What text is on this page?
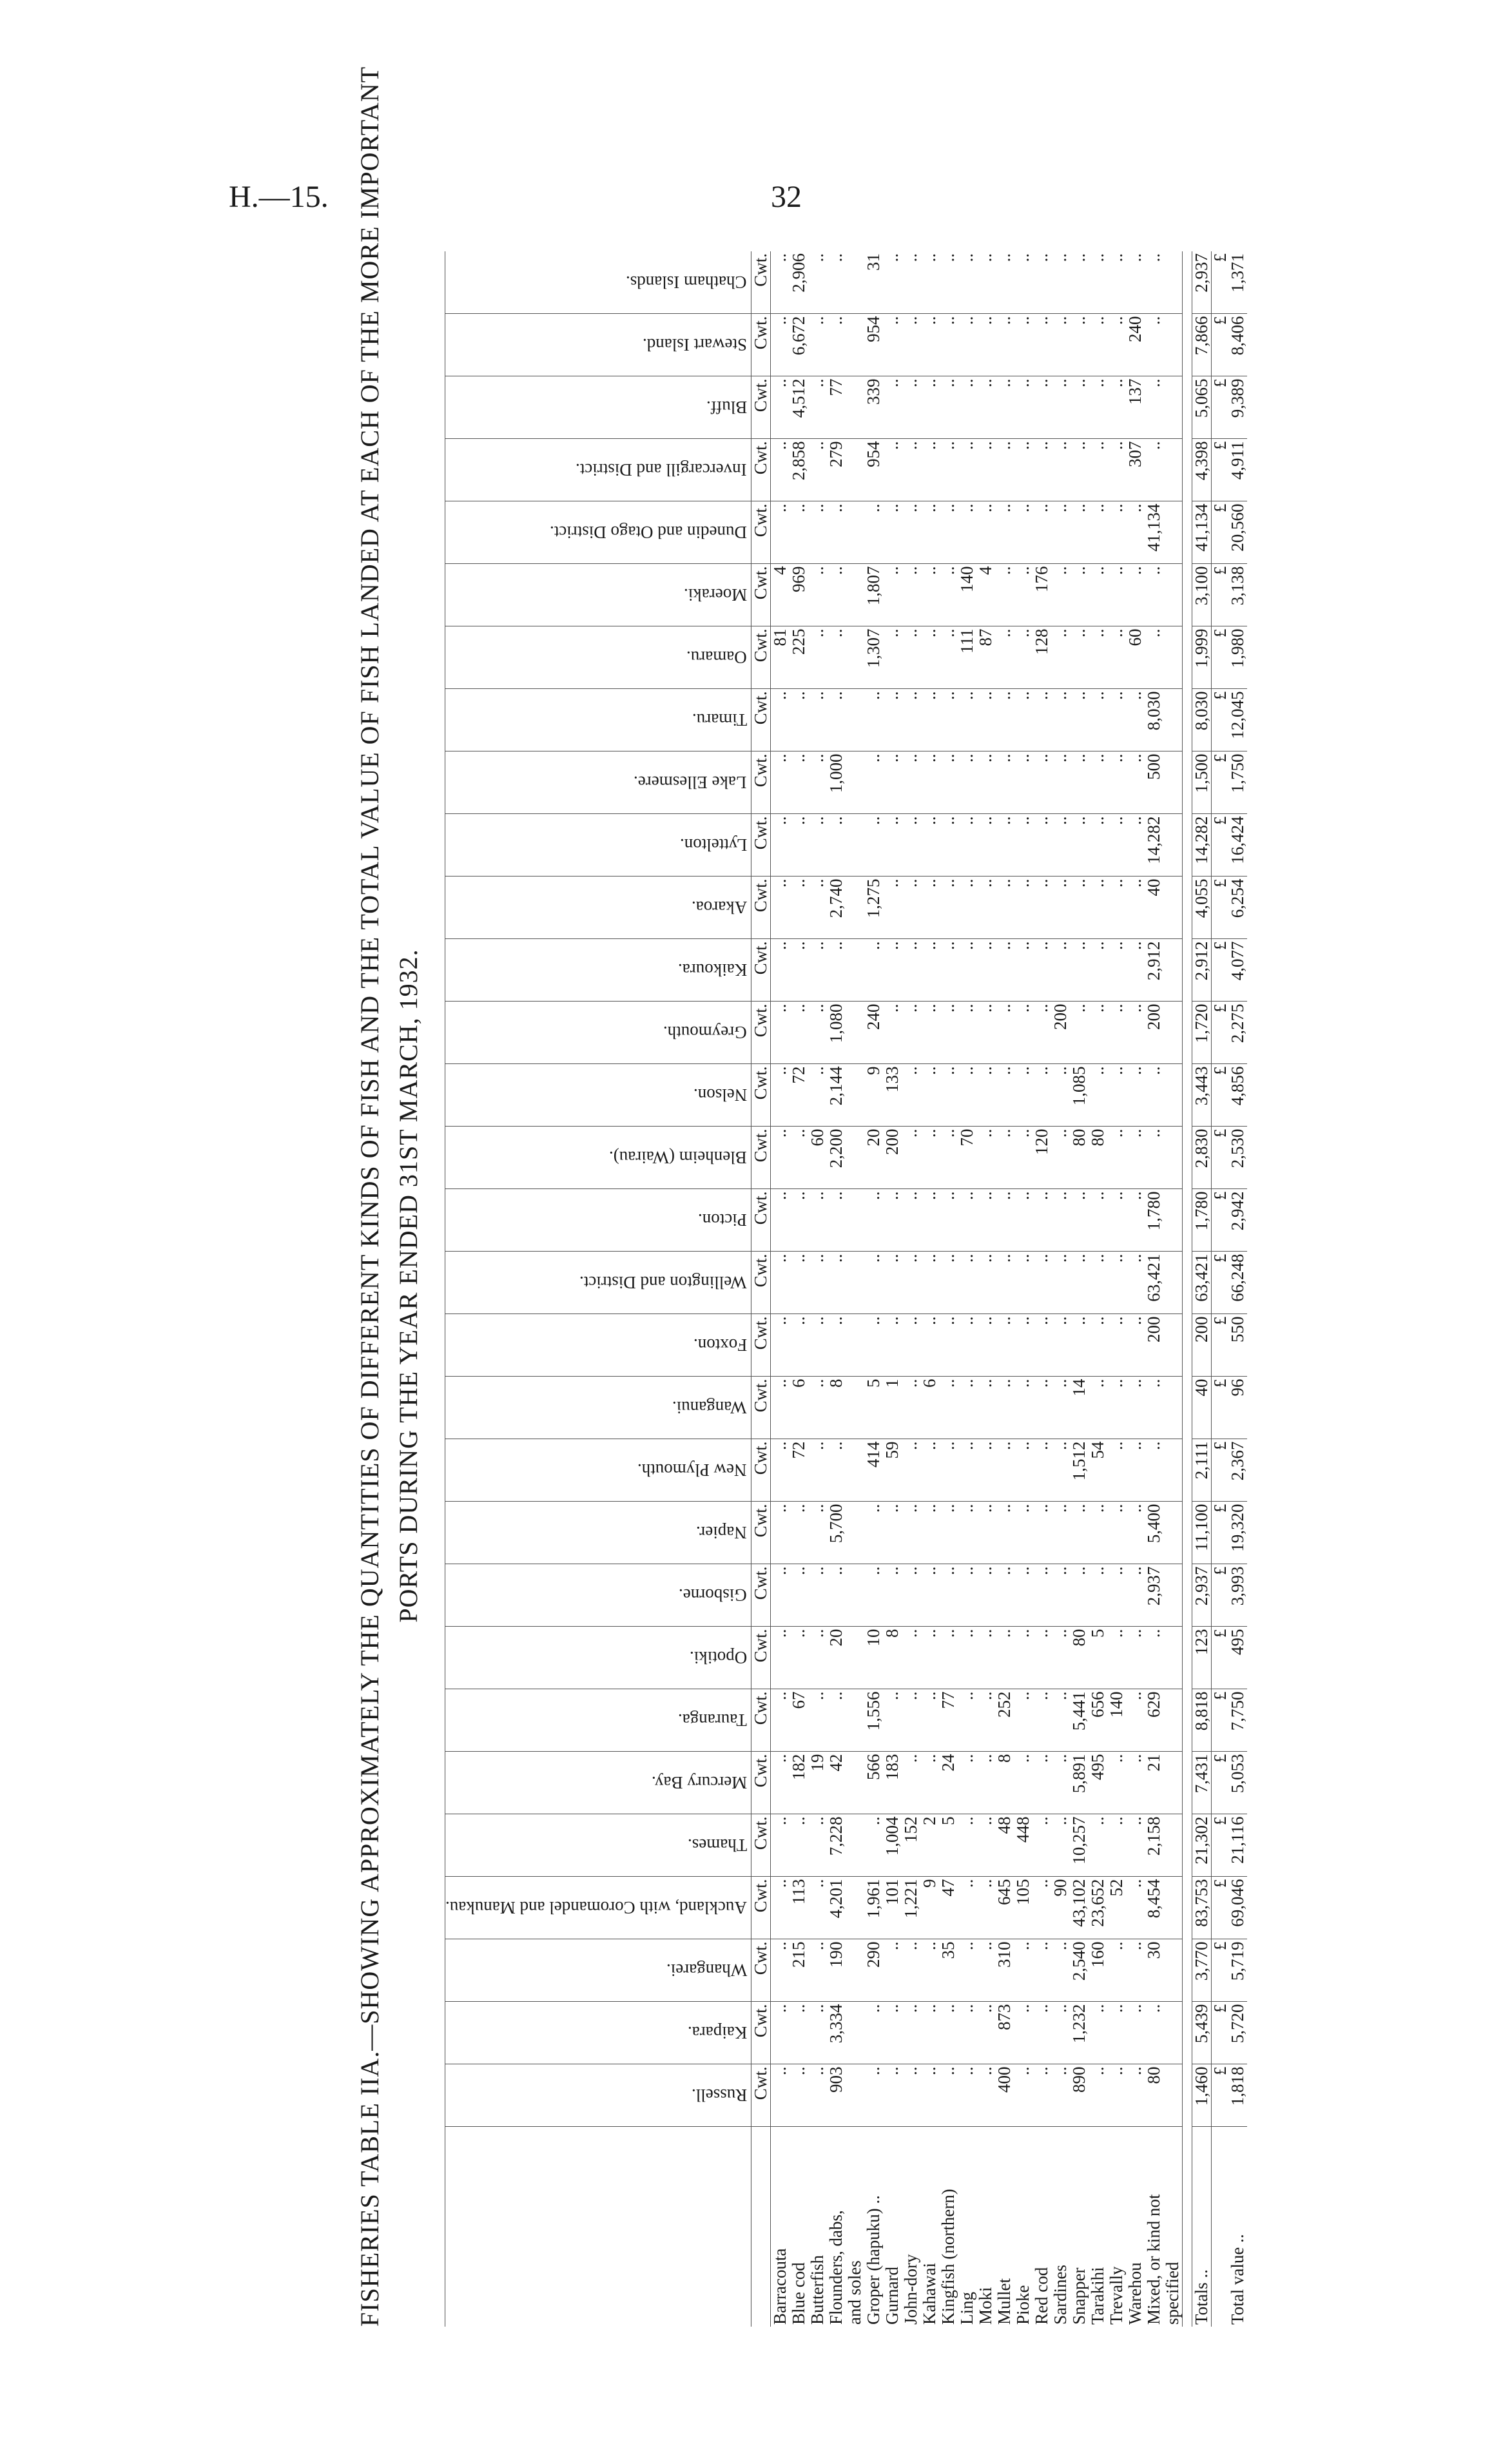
H.—15.	32
FISHERIES TABLE IIA.—SHOWING APPROXIMATELY THE QUANTITIES OF DIFFERENT KINDS OF FISH AND THE TOTAL VALUE OF FISH LANDED AT EACH OF THE MORE IMPORTANT PORTS DURING THE YEAR ENDED 31ST MARCH, 1932.

	Russell.	Kaipara.	Whangarei.	Auckland, with Coromandel and Manukau.	Thames.	Mercury Bay.	Tauranga.	Opotiki.	Gisborne.	Napier.	New Plymouth.	Wanganui.	Foxton.	Wellington and District.	Picton.	Blenheim (Wairau).	Nelson.	Greymouth.	Kaikoura.	Akaroa.	Lyttelton.	Lake Ellesmere.	Timaru.	Oamaru.	Moeraki.	Dunedin and Otago District.	Invercargill and District.	Bluff.	Stewart Island.	Chatham Islands.

	Cwt.	Cwt.	Cwt.	Cwt.	Cwt.	Cwt.	Cwt.	Cwt.	Cwt.	Cwt.	Cwt.	Cwt.	Cwt.	Cwt.	Cwt.	Cwt.	Cwt.	Cwt.	Cwt.	Cwt.	Cwt.	Cwt.	Cwt.	Cwt.	Cwt.	Cwt.	Cwt.	Cwt.	Cwt.	Cwt.
Barracouta	..	..	..	..	..	..	..	..	..	..	..	..	..	..	..	..	..	..	..	..	..	..	..	81	4	..	..	..	..	..
Blue cod	..	..	215	113	..	182	67	..	..	..	72	6	..	..	..	..	72	..	..	..	..	..	..	225	969	..	2,858	4,512	6,672	2,906
Butterfish	..	..	..	..	..	19	..	..	..	..	..	..	..	..	..	60	..	..	..	..	..	..	..	..	..	..	..	..	..	..
Flounders, dabs,	903	3,334	190	4,201	7,228	42	..	20	..	5,700	..	8	..	..	..	2,200	2,144	1,080	..	2,740	..	1,000	..	..	..	..	279	77	..	..
and soles																														
Groper (hapuku) ..	..	..	290	1,961	..	566	1,556	10	..	..	414	5	..	..	..	20	9	240	..	1,275	..	..	..	1,307	1,807	..	954	339	954	31
Gurnard	..	..	..	101	1,004	183	..	8	..	..	59	1	..	..	..	200	133	..	..	..	..	..	..	..	..	..	..	..	..	..
John-dory	..	..	..	1,221	152	..	..	..	..	..	..	..	..	..	..	..	..	..	..	..	..	..	..	..	..	..	..	..	..	..
Kahawai	..	..	..	9	2	..	..	..	..	..	..	6	..	..	..	..	..	..	..	..	..	..	..	..	..	..	..	..	..	..
Kingfish (northern)	..	..	35	47	5	24	77	..	..	..	..	..	..	..	..	..	..	..	..	..	..	..	..	..	..	..	..	..	..	..
Ling	..	..	..	..	..	..	..	..	..	..	..	..	..	..	..	70	..	..	..	..	..	..	..	111	140	..	..	..	..	..
Moki	..	..	..	..	..	..	..	..	..	..	..	..	..	..	..	..	..	..	..	..	..	..	..	87	4	..	..	..	..	..
Mullet	400	873	310	645	48	8	252	..	..	..	..	..	..	..	..	..	..	..	..	..	..	..	..	..	..	..	..	..	..	..
Pioke	..	..	..	105	448	..	..	..	..	..	..	..	..	..	..	..	..	..	..	..	..	..	..	..	..	..	..	..	..	..
Red cod	..	..	..	..	..	..	..	..	..	..	..	..	..	..	..	120	..	..	..	..	..	..	..	128	176	..	..	..	..	..
Sardines	..	..	..	90	..	..	..	..	..	..	..	..	..	..	..	..	..	200	..	..	..	..	..	..	..	..	..	..	..	..
Snapper	890	1,232	2,540	43,102	10,257	5,891	5,441	80	..	..	1,512	14	..	..	..	80	1,085	..	..	..	..	..	..	..	..	..	..	..	..	..
Tarakihi	..	..	160	23,652	..	495	656	5	..	..	54	..	..	..	..	80	..	..	..	..	..	..	..	..	..	..	..	..	..	..
Trevally	..	..	..	52	..	..	140	..	..	..	..	..	..	..	..	..	..	..	..	..	..	..	..	..	..	..	..	..	..	..
Warehou	..	..	..	..	..	..	..	..	..	..	..	..	..	..	..	..	..	..	..	..	..	..	..	60	..	..	307	137	240	..
Mixed, or kind not	80	..	30	8,454	2,158	21	629	..	2,937	5,400	..	..	200	63,421	1,780	..	..	200	2,912	40	14,282	500	8,030	..	..	41,134	..	..	..	..
specified																														

Totals ..	1,460	5,439	3,770	83,753	21,302	7,431	8,818	123	2,937	11,100	2,111	40	200	63,421	1,780	2,830	3,443	1,720	2,912	4,055	14,282	1,500	8,030	1,999	3,100	41,134	4,398	5,065	7,866	2,937
	£	£	£	£	£	£	£	£	£	£	£	£	£	£	£	£	£	£	£	£	£	£	£	£	£	£	£	£	£	£
Total value ..	1,818	5,720	5,719	69,046	21,116	5,053	7,750	495	3,993	19,320	2,367	96	550	66,248	2,942	2,530	4,856	2,275	4,077	6,254	16,424	1,750	12,045	1,980	3,138	20,560	4,911	9,389	8,406	1,371
